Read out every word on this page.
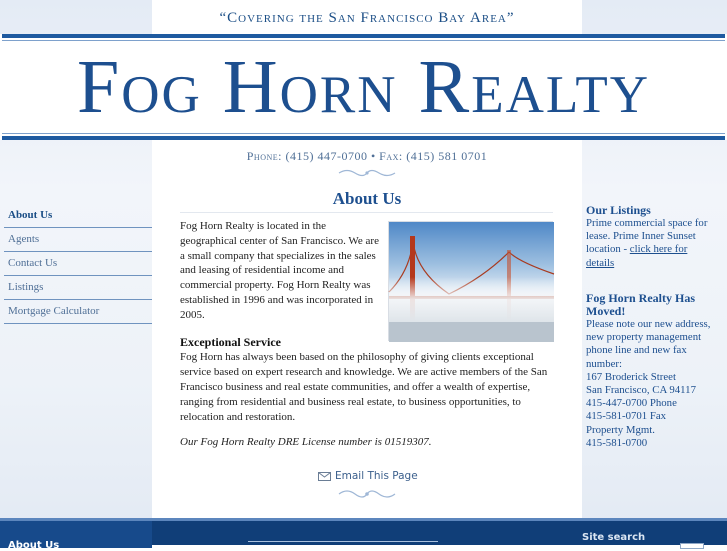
“Covering the San Francisco Bay Area”
Fog Horn Realty
Phone: (415) 447-0700 • Fax: (415) 581 0701
About Us
Agents
Contact Us
Listings
Mortgage Calculator
About Us
Fog Horn Realty is located in the geographical center of San Francisco. We are a small company that specializes in the sales and leasing of residential income and commercial property. Fog Horn Realty was established in 1996 and was incorporated in 2005.
Exceptional Service
Fog Horn has always been based on the philosophy of giving clients exceptional service based on expert research and knowledge. We are active members of the San Francisco business and real estate communities, and offer a wealth of expertise, ranging from residential and business real estate, to business opportunities, to relocation and restoration.
Our Fog Horn Realty DRE License number is 01519307.
Email This Page
Our Listings
Prime commercial space for lease. Prime Inner Sunset location - click here for details
Fog Horn Realty Has Moved!
Please note our new address, new property management phone line and new fax number:
167 Broderick Street
San Francisco, CA 94117
415-447-0700 Phone
415-581-0701 Fax
Property Mgmt.
415-581-0700
About Us
Site search
